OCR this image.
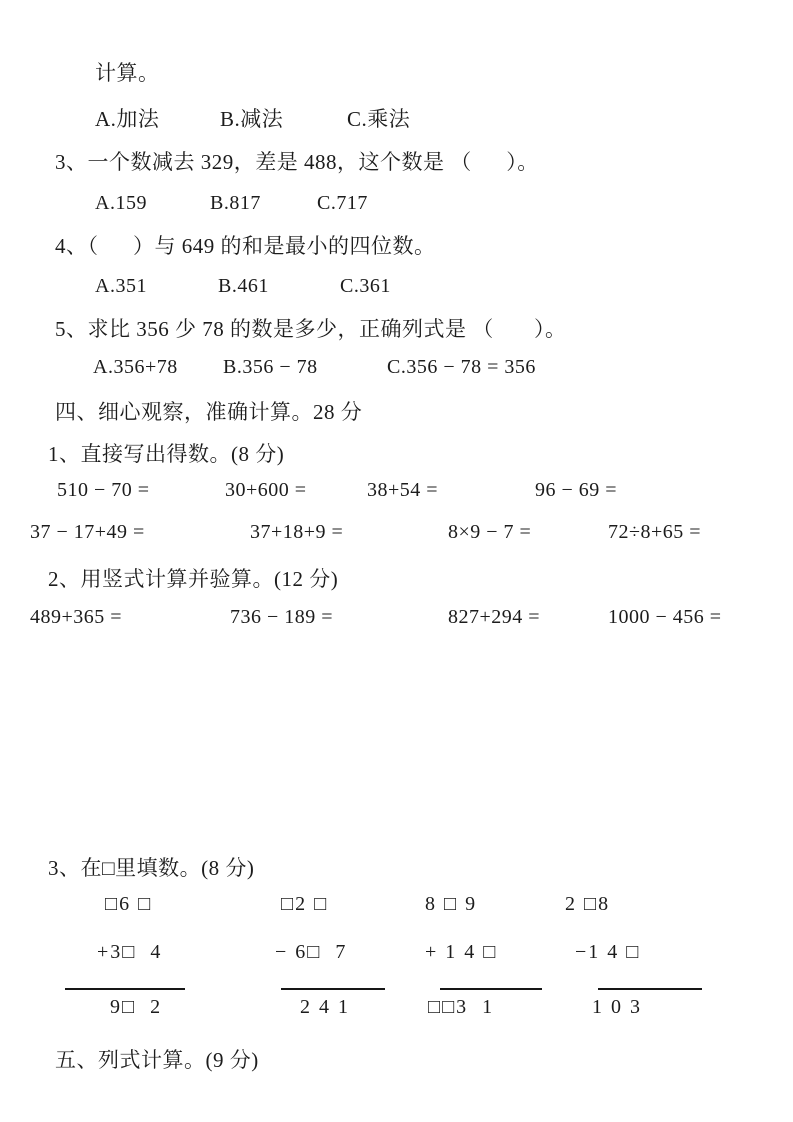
计算。
A.加法	B.减法	C.乘法
3、一个数减去 329，差是 488，这个数是 （      ）。
A.159	B.817	C.717
4、（      ）与 649 的和是最小的四位数。
A.351	B.461	C.361
5、求比 356 少 78 的数是多少，正确列式是 （       ）。
A.356+78 B.356 − 78	C.356 − 78 = 356
四、细心观察，准确计算。28 分
1、直接写出得数。(8 分)
510 − 70 =	30+600 =	38+54 =	96 − 69 =
37 − 17+49 =	37+18+9 =	8×9 − 7 =	72÷8+65 =
2、用竖式计算并验算。(12 分)
489+365 =	736 − 189 =	827+294 =	1000 − 456 =
3、在□里填数。(8 分)
□6 □
+3□  4
9□  2
□2 □
− 6□  7
2 4 1
8 □ 9
+ 1 4 □
□□3  1
2 □8
−1 4 □
1 0 3
五、列式计算。(9 分)
